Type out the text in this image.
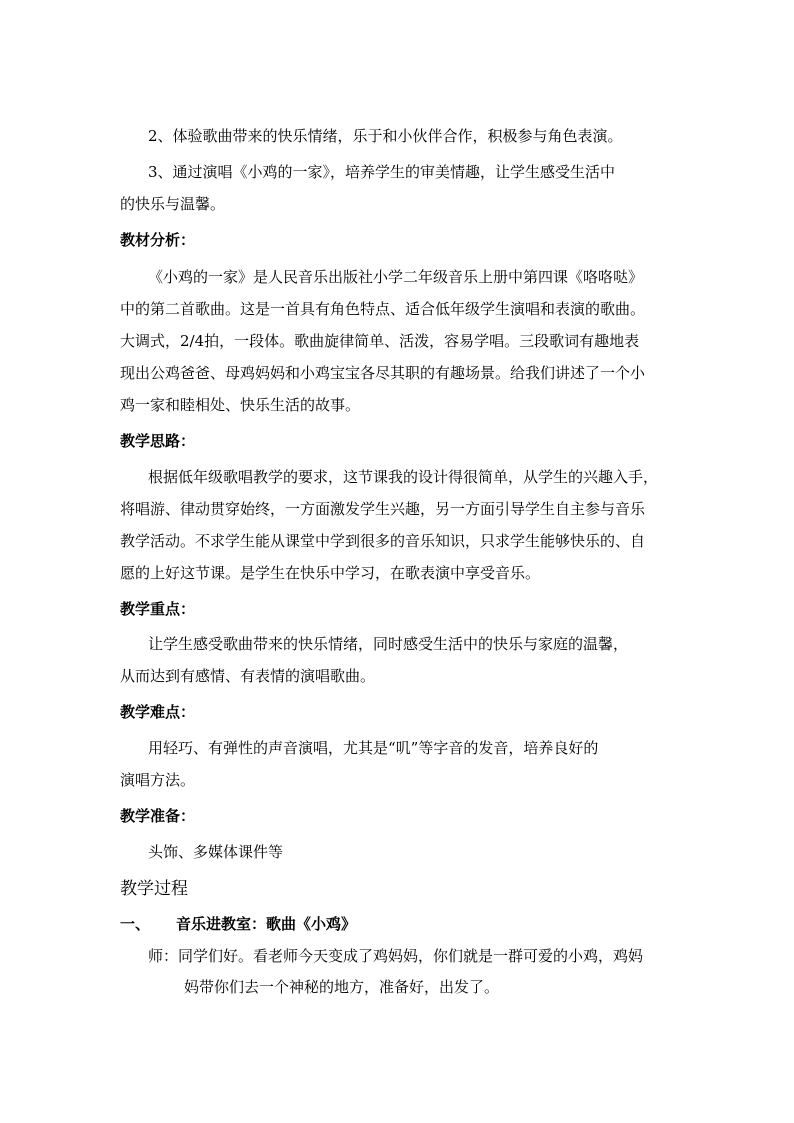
2、体验歌曲带来的快乐情绪，乐于和小伙伴合作，积极参与角色表演。
3、通过演唱《小鸡的一家》，培养学生的审美情趣，让学生感受生活中
的快乐与温馨。
教材分析：
《小鸡的一家》是人民音乐出版社小学二年级音乐上册中第四课《咯咯哒》
中的第二首歌曲。这是一首具有角色特点、适合低年级学生演唱和表演的歌曲。
大调式，2/4拍，一段体。歌曲旋律简单、活泼，容易学唱。三段歌词有趣地表
现出公鸡爸爸、母鸡妈妈和小鸡宝宝各尽其职的有趣场景。给我们讲述了一个小
鸡一家和睦相处、快乐生活的故事。
教学思路：
根据低年级歌唱教学的要求，这节课我的设计得很简单，从学生的兴趣入手，
将唱游、律动贯穿始终，一方面激发学生兴趣，另一方面引导学生自主参与音乐
教学活动。不求学生能从课堂中学到很多的音乐知识，只求学生能够快乐的、自
愿的上好这节课。是学生在快乐中学习，在歌表演中享受音乐。
教学重点：
让学生感受歌曲带来的快乐情绪，同时感受生活中的快乐与家庭的温馨，
从而达到有感情、有表情的演唱歌曲。
教学难点：
用轻巧、有弹性的声音演唱，尤其是“叽”等字音的发音，培养良好的
演唱方法。
教学准备：
头饰、多媒体课件等
教学过程
一、 音乐进教室：歌曲《小鸡》
师：同学们好。看老师今天变成了鸡妈妈，你们就是一群可爱的小鸡，鸡妈
妈带你们去一个神秘的地方，准备好，出发了。
